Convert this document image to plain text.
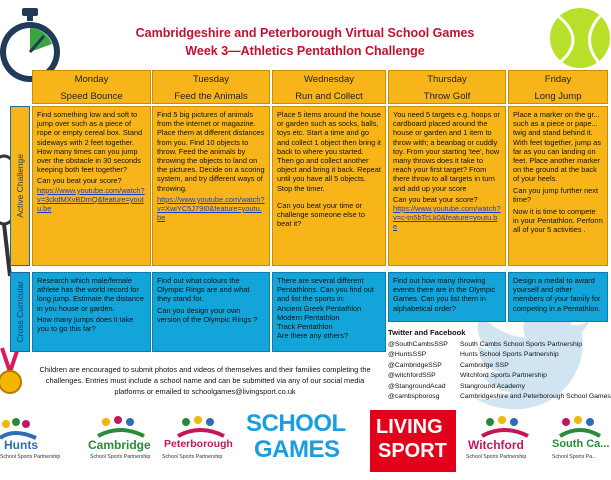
Cambridgeshire and Peterborough Virtual School Games
Week 3—Athletics Pentathlon Challenge
Active Challenge
Cross Curricular
Monday
Speed Bounce

Find something low and soft to jump over such as a piece of rope or empty cereal box. Stand sideways with 2 feet together. How many times can you jump over the obstacle in 30 seconds keeping both feet together?

Can you beat your score?
https://www.youtube.com/watch?v=3ckdMXvBDmQ&feature=youtu.be

Research which male/female athlete has the world record for long jump. Estimate the distance in you house or garden.

How many jumps does it take you to go this far?
Tuesday
Feed the Animals

Find 5 big pictures of animals from the internet or magazine. Place them at different distances from you. Find 10 objects to throw. Feed the animals by throwing the objects to land on the pictures. Decide on a scoring system, and try different ways of throwing.

https://www.youtube.com/watch?v=XwiYC5J79I0&feature=youtu.be

Find out what colours the Olympic Rings are and what they stand for.

Can you design your own version of the Olympic Rings ?
Wednesday
Run and Collect

Place 5 items around the house or garden such as socks, balls, toys etc. Start a time and go and collect 1 object then bring it back to where you started. Then go and collect another object and bring it back. Repeat until you have all 5 objects. Stop the timer.

Can you beat your time or challenge someone else to beat it?

There are several different Pentathlons. Can you find out and list the sports in:
Ancient Greek Pentathlon
Modern Pentathlon
Track Pentathlon
Are there any others?
Thursday
Throw Golf

You need 5 targets e.g. hoops or cardboard placed around the house or garden and 1 item to throw with; a beanbag or cuddly toy. From your starting 'tee', how many throws does it take to reach your first target? From there throw to all targets in turn and add up your score

Can you beat your score?
https://www.youtube.com/watch?v=c-tn5bTcLk0&feature=youtu.be

Find out how many throwing events there are in the Olympic Games. Can you list them in alphabetical order?

Friday
Long Jump

Place a marker on the gr... such as a piece or pape... twig and stand behind it. With feet together, jump as far as you can landing on feet. Place another marker on the ground at the back of your heels.

Can you jump further next time?

Now it is time to compete in your Pentathlon. Perform all of your 5 activities .

Design a medal to award yourself and other members of your family for competing in a Pentathlon.

Twitter and Facebook
@SouthCambsSSP
@HuntsSSP
@CambridgeSSP
@witchfordSSP
@StangroundAcad
@cambspborosg
South Cambs School Sports Partnership
Hunts School Sports Partnership
Cambridge SSP
Witchford Sports Partnership
Stanground Academy
Cambridgeshire and Peterborough School Games
Children are encouraged to submit photos and videos of themselves and their families completing the challenges. Entries must include a school name and can be submitted via any of our social media platforms or emailed to schoolgames@livingsport.co.uk
Hunts
School Sports Partnership
Cambridge
School Sports Partnership
Peterborough
School Sports Partnership
SCHOOL
GAMES
LIVING
SPORT Witchford
School Sports Partnership
South Ca...
School Sports Pa...
